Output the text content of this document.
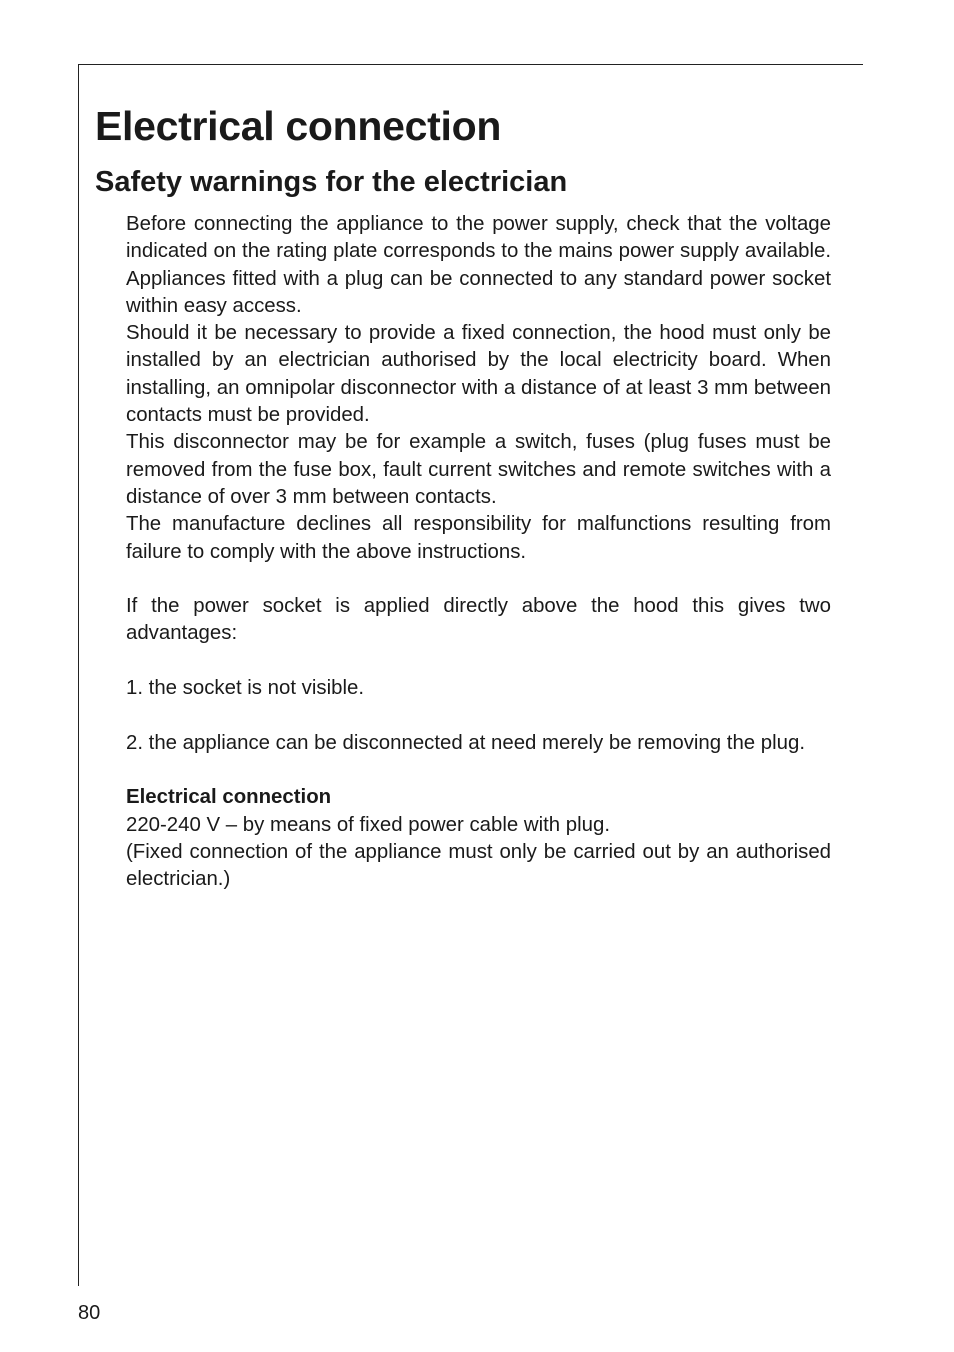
Electrical connection
Safety warnings for the electrician

Before connecting the appliance to the power supply, check that the voltage indicated on the rating plate corresponds to the mains power supply available. Appliances fitted with a plug can be connected to any standard power socket within easy access.

Should it be necessary to provide a fixed connection, the hood must only be installed by an electrician authorised by the local electricity board. When installing, an omnipolar disconnector with a distance of at least 3 mm between contacts must be provided.

This disconnector may be for example a switch, fuses (plug fuses must be removed from the fuse box, fault current switches and remote switches with a distance of over 3 mm between contacts.

The manufacture declines all responsibility for malfunctions resulting from failure to comply with the above instructions.

If the power socket is applied directly above the hood this gives two advantages:

1. the socket is not visible.

2. the appliance can be disconnected at need merely be removing the plug.

Electrical connection

220-240 V – by means of fixed power cable with plug.

(Fixed connection of the appliance must only be carried out by an authorised electrician.)

80
